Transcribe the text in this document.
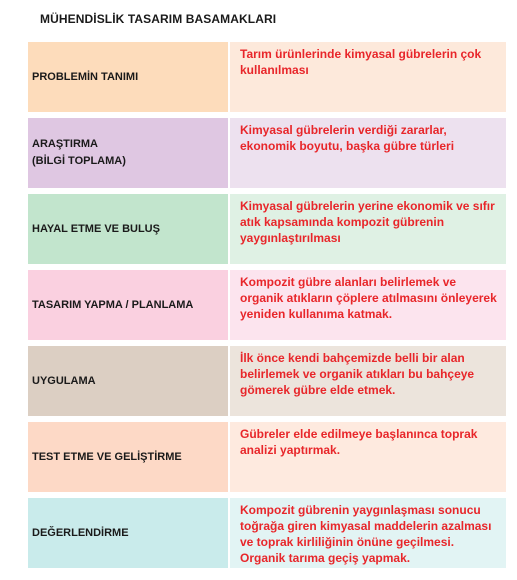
MÜHENDİSLİK TASARIM BASAMAKLARI
PROBLEMİN TANIMI
Tarım ürünlerinde kimyasal gübrelerin çok kullanılması
ARAŞTIRMA
(BİLGİ TOPLAMA)
Kimyasal gübrelerin verdiği zararlar, ekonomik boyutu, başka gübre türleri
HAYAL ETME VE BULUŞ
Kimyasal gübrelerin yerine ekonomik ve sıfır atık kapsamında kompozit gübrenin yaygınlaştırılması
TASARIM YAPMA / PLANLAMA
Kompozit gübre alanları belirlemek ve organik atıkların çöplere atılmasını önleyerek yeniden kullanıma katmak.
UYGULAMA
İlk önce kendi bahçemizde belli bir alan belirlemek ve organik atıkları bu bahçeye gömerek gübre elde etmek.
TEST ETME VE GELİŞTİRME
Gübreler elde edilmeye başlanınca toprak analizi yaptırmak.
DEĞERLENDİRME
Kompozit gübrenin yaygınlaşması sonucu toğrağa giren kimyasal maddelerin azalması ve toprak kirliliğinin önüne geçilmesi. Organik tarıma geçiş yapmak.
